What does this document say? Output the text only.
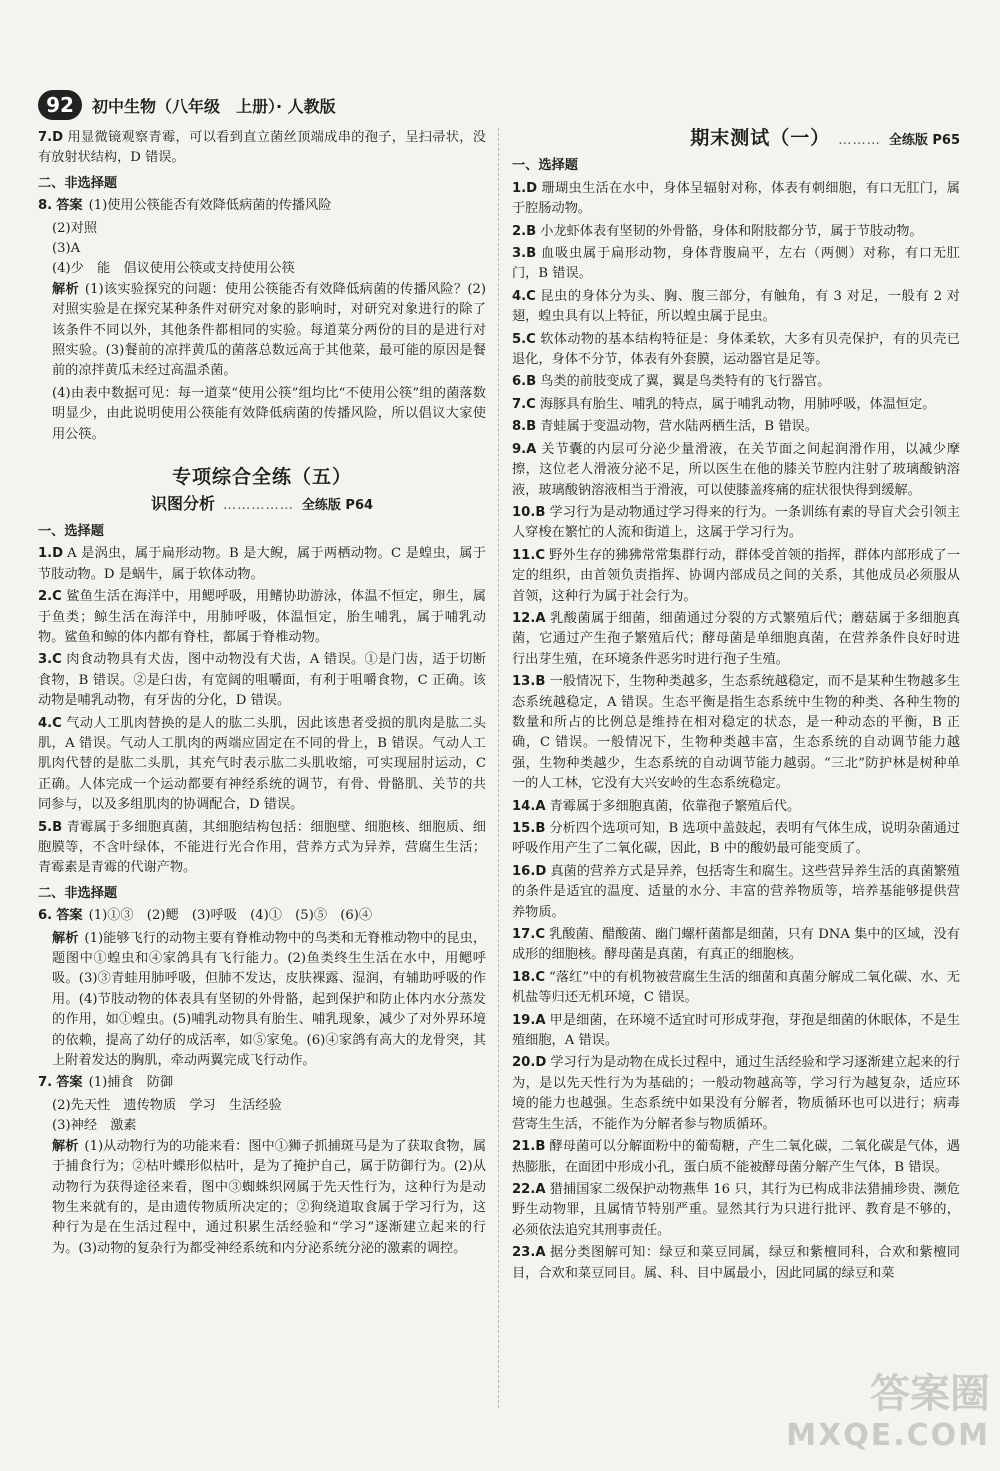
92	初中生物（八年级　上册）· 人教版

7.D 用显微镜观察青霉，可以看到直立菌丝顶端成串的孢子，呈扫帚状，没有放射状结构，D 错误。

二、非选择题

8. 答案 (1)使用公筷能否有效降低病菌的传播风险

(2)对照

(3)A

(4)少　能　倡议使用公筷或支持使用公筷

解析 (1)该实验探究的问题：使用公筷能否有效降低病菌的传播风险？(2)对照实验是在探究某种条件对研究对象的影响时，对研究对象进行的除了该条件不同以外，其他条件都相同的实验。每道菜分两份的目的是进行对照实验。(3)餐前的凉拌黄瓜的菌落总数远高于其他菜，最可能的原因是餐前的凉拌黄瓜未经过高温杀菌。

(4)由表中数据可见：每一道菜“使用公筷”组均比“不使用公筷”组的菌落数明显少，由此说明使用公筷能有效降低病菌的传播风险，所以倡议大家使用公筷。

专项综合全练（五）
识图分析 …………… 全练版 P64
一、选择题

1.D A 是涡虫，属于扁形动物。B 是大鲵，属于两栖动物。C 是蝗虫，属于节肢动物。D 是蜗牛，属于软体动物。

2.C 鲨鱼生活在海洋中，用鳃呼吸，用鳍协助游泳，体温不恒定，卵生，属于鱼类；鲸生活在海洋中，用肺呼吸，体温恒定，胎生哺乳，属于哺乳动物。鲨鱼和鲸的体内都有脊柱，都属于脊椎动物。

3.C 肉食动物具有犬齿，图中动物没有犬齿，A 错误。①是门齿，适于切断食物，B 错误。②是臼齿，有宽阔的咀嚼面，有利于咀嚼食物，C 正确。该动物是哺乳动物，有牙齿的分化，D 错误。

4.C 气动人工肌肉替换的是人的肱二头肌，因此该患者受损的肌肉是肱二头肌，A 错误。气动人工肌肉的两端应固定在不同的骨上，B 错误。气动人工肌肉代替的是肱二头肌，其充气时表示肱二头肌收缩，可实现屈肘运动，C 正确。人体完成一个运动都要有神经系统的调节，有骨、骨骼肌、关节的共同参与，以及多组肌肉的协调配合，D 错误。

5.B 青霉属于多细胞真菌，其细胞结构包括：细胞壁、细胞核、细胞质、细胞膜等，不含叶绿体，不能进行光合作用，营养方式为异养，营腐生生活；青霉素是青霉的代谢产物。

二、非选择题

6. 答案 (1)①③　(2)鳃　(3)呼吸　(4)①　(5)⑤　(6)④

解析 (1)能够飞行的动物主要有脊椎动物中的鸟类和无脊椎动物中的昆虫，题图中①蝗虫和④家鸽具有飞行能力。(2)鱼类终生生活在水中，用鳃呼吸。(3)③青蛙用肺呼吸，但肺不发达，皮肤裸露、湿润，有辅助呼吸的作用。(4)节肢动物的体表具有坚韧的外骨骼，起到保护和防止体内水分蒸发的作用，如①蝗虫。(5)哺乳动物具有胎生、哺乳现象，减少了对外界环境的依赖，提高了幼仔的成活率，如⑤家兔。(6)④家鸽有高大的龙骨突，其上附着发达的胸肌，牵动两翼完成飞行动作。

7. 答案 (1)捕食　防御

(2)先天性　遗传物质　学习　生活经验

(3)神经　激素

解析 (1)从动物行为的功能来看：图中①狮子抓捕斑马是为了获取食物，属于捕食行为；②枯叶蝶形似枯叶，是为了掩护自己，属于防御行为。(2)从动物行为获得途径来看，图中③蜘蛛织网属于先天性行为，这种行为是动物生来就有的，是由遗传物质所决定的；②狗绕道取食属于学习行为，这种行为是在生活过程中，通过积累生活经验和“学习”逐渐建立起来的行为。(3)动物的复杂行为都受神经系统和内分泌系统分泌的激素的调控。

期末测试（一） ……… 全练版 P65
一、选择题

1.D 珊瑚虫生活在水中，身体呈辐射对称，体表有刺细胞，有口无肛门，属于腔肠动物。

2.B 小龙虾体表有坚韧的外骨骼，身体和附肢都分节，属于节肢动物。

3.B 血吸虫属于扁形动物，身体背腹扁平，左右（两侧）对称，有口无肛门，B 错误。

4.C 昆虫的身体分为头、胸、腹三部分，有触角，有 3 对足，一般有 2 对翅，蝗虫具有以上特征，所以蝗虫属于昆虫。

5.C 软体动物的基本结构特征是：身体柔软，大多有贝壳保护，有的贝壳已退化，身体不分节，体表有外套膜，运动器官是足等。

6.B 鸟类的前肢变成了翼，翼是鸟类特有的飞行器官。

7.C 海豚具有胎生、哺乳的特点，属于哺乳动物，用肺呼吸，体温恒定。

8.B 青蛙属于变温动物，营水陆两栖生活，B 错误。

9.A 关节囊的内层可分泌少量滑液，在关节面之间起润滑作用，以减少摩擦，这位老人滑液分泌不足，所以医生在他的膝关节腔内注射了玻璃酸钠溶液，玻璃酸钠溶液相当于滑液，可以使膝盖疼痛的症状很快得到缓解。

10.B 学习行为是动物通过学习得来的行为。一条训练有素的导盲犬会引领主人穿梭在繁忙的人流和街道上，这属于学习行为。

11.C 野外生存的狒狒常常集群行动，群体受首领的指挥，群体内部形成了一定的组织，由首领负责指挥、协调内部成员之间的关系，其他成员必须服从首领，这种行为属于社会行为。

12.A 乳酸菌属于细菌，细菌通过分裂的方式繁殖后代；蘑菇属于多细胞真菌，它通过产生孢子繁殖后代；酵母菌是单细胞真菌，在营养条件良好时进行出芽生殖，在环境条件恶劣时进行孢子生殖。

13.B 一般情况下，生物种类越多，生态系统越稳定，而不是某种生物越多生态系统越稳定，A 错误。生态平衡是指生态系统中生物的种类、各种生物的数量和所占的比例总是维持在相对稳定的状态，是一种动态的平衡，B 正确，C 错误。一般情况下，生物种类越丰富，生态系统的自动调节能力越强，生物种类越少，生态系统的自动调节能力越弱。“三北”防护林是树种单一的人工林，它没有大兴安岭的生态系统稳定。

14.A 青霉属于多细胞真菌，依靠孢子繁殖后代。

15.B 分析四个选项可知，B 选项中盖鼓起，表明有气体生成，说明杂菌通过呼吸作用产生了二氧化碳，因此，B 中的酸奶最可能变质了。

16.D 真菌的营养方式是异养，包括寄生和腐生。这些营异养生活的真菌繁殖的条件是适宜的温度、适量的水分、丰富的营养物质等，培养基能够提供营养物质。

17.C 乳酸菌、醋酸菌、幽门螺杆菌都是细菌，只有 DNA 集中的区域，没有成形的细胞核。酵母菌是真菌，有真正的细胞核。

18.C “落红”中的有机物被营腐生生活的细菌和真菌分解成二氧化碳、水、无机盐等归还无机环境，C 错误。

19.A 甲是细菌，在环境不适宜时可形成芽孢，芽孢是细菌的休眠体，不是生殖细胞，A 错误。

20.D 学习行为是动物在成长过程中，通过生活经验和学习逐渐建立起来的行为，是以先天性行为为基础的；一般动物越高等，学习行为越复杂，适应环境的能力也越强。生态系统中如果没有分解者，物质循环也可以进行；病毒营寄生生活，不能作为分解者参与物质循环。

21.B 酵母菌可以分解面粉中的葡萄糖，产生二氧化碳，二氧化碳是气体，遇热膨胀，在面团中形成小孔，蛋白质不能被酵母菌分解产生气体，B 错误。

22.A 猎捕国家二级保护动物燕隼 16 只，其行为已构成非法猎捕珍贵、濒危野生动物罪，且属情节特别严重。显然其行为只进行批评、教育是不够的，必须依法追究其刑事责任。

23.A 据分类图解可知：绿豆和菜豆同属，绿豆和紫檀同科，合欢和紫檀同目，合欢和菜豆同目。属、科、目中属最小，因此同属的绿豆和菜

答案圈
MXQE.COM
